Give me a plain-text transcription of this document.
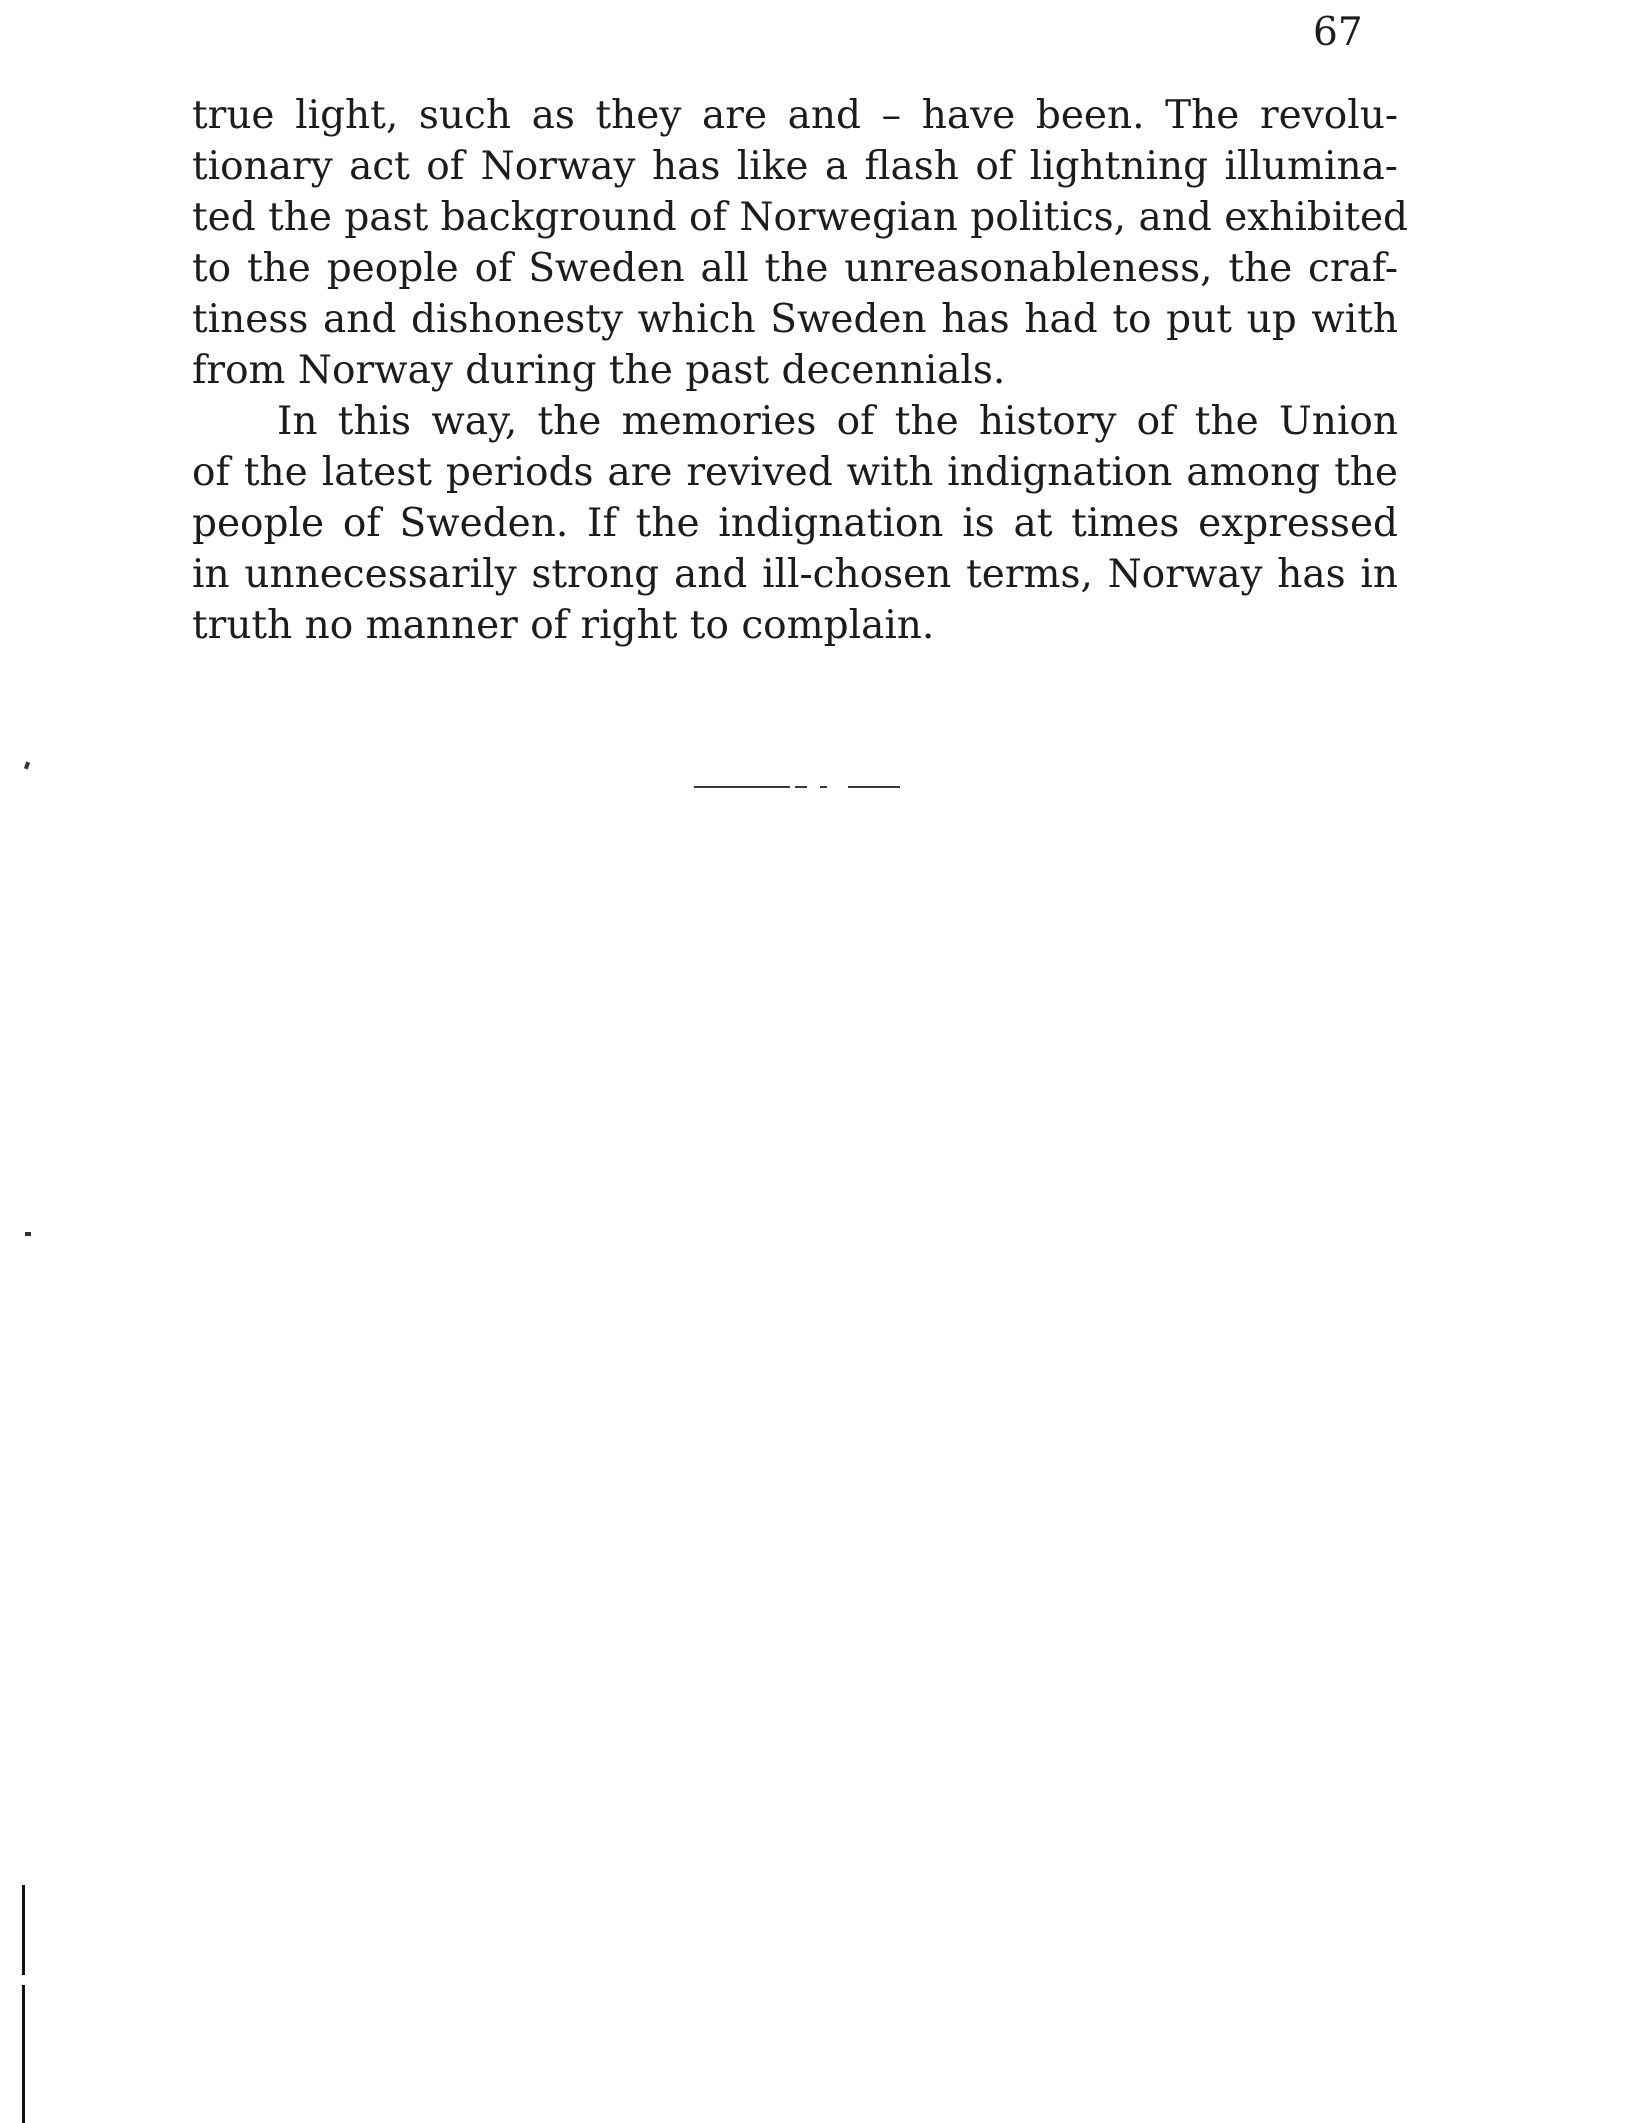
67
true light, such as they are and – have been. The revolu-
tionary act of Norway has like a flash of lightning illumina-
ted the past background of Norwegian politics, and exhibited
to the people of Sweden all the unreasonableness, the craf-
tiness and dishonesty which Sweden has had to put up with
from Norway during the past decennials.
In this way, the memories of the history of the Union
of the latest periods are revived with indignation among the
people of Sweden. If the indignation is at times expressed
in unnecessarily strong and ill-chosen terms, Norway has in
truth no manner of right to complain.
